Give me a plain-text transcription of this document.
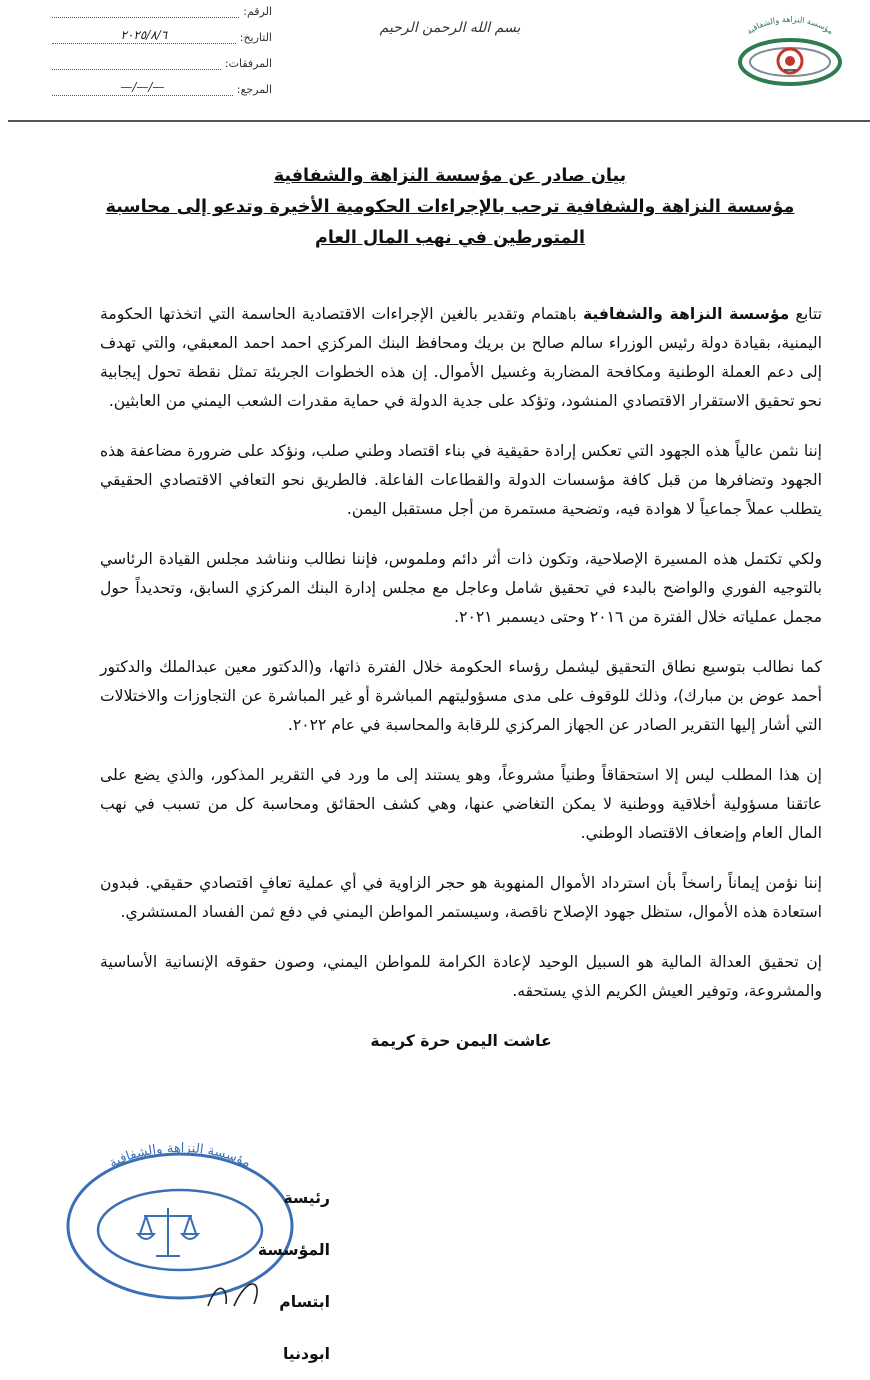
الرقم:
التاريخ:
٢٠٢٥/٨/٦
المرفقات:
المرجع:
—/—/—
بسم الله الرحمن الرحيم	مؤسسة النزاهة والشفافية

بيان صادر عن مؤسسة النزاهة والشفافية

مؤسسة النزاهة والشفافية ترحب بالإجراءات الحكومية الأخيرة وتدعو إلى محاسبة المتورطين في نهب المال العام

تتابع مؤسسة النزاهة والشفافية باهتمام وتقدير بالغين الإجراءات الاقتصادية الحاسمة التي اتخذتها الحكومة اليمنية، بقيادة دولة رئيس الوزراء سالم صالح بن بريك ومحافظ البنك المركزي احمد احمد المعبقي، والتي تهدف إلى دعم العملة الوطنية ومكافحة المضاربة وغسيل الأموال. إن هذه الخطوات الجريئة تمثل نقطة تحول إيجابية نحو تحقيق الاستقرار الاقتصادي المنشود، وتؤكد على جدية الدولة في حماية مقدرات الشعب اليمني من العابثين.

إننا نثمن عالياً هذه الجهود التي تعكس إرادة حقيقية في بناء اقتصاد وطني صلب، ونؤكد على ضرورة مضاعفة هذه الجهود وتضافرها من قبل كافة مؤسسات الدولة والقطاعات الفاعلة. فالطريق نحو التعافي الاقتصادي الحقيقي يتطلب عملاً جماعياً لا هوادة فيه، وتضحية مستمرة من أجل مستقبل اليمن.

ولكي تكتمل هذه المسيرة الإصلاحية، وتكون ذات أثر دائم وملموس، فإننا نطالب ونناشد مجلس القيادة الرئاسي بالتوجيه الفوري والواضح بالبدء في تحقيق شامل وعاجل مع مجلس إدارة البنك المركزي السابق، وتحديداً حول مجمل عملياته خلال الفترة من ٢٠١٦ وحتى ديسمبر ٢٠٢١.

كما نطالب بتوسيع نطاق التحقيق ليشمل رؤساء الحكومة خلال الفترة ذاتها، و(الدكتور معين عبدالملك والدكتور أحمد عوض بن مبارك)، وذلك للوقوف على مدى مسؤوليتهم المباشرة أو غير المباشرة عن التجاوزات والاختلالات التي أشار إليها التقرير الصادر عن الجهاز المركزي للرقابة والمحاسبة في عام ٢٠٢٢.

إن هذا المطلب ليس إلا استحقاقاً وطنياً مشروعاً، وهو يستند إلى ما ورد في التقرير المذكور، والذي يضع على عاتقنا مسؤولية أخلاقية ووطنية لا يمكن التغاضي عنها، وهي كشف الحقائق ومحاسبة كل من تسبب في نهب المال العام وإضعاف الاقتصاد الوطني.

إننا نؤمن إيماناً راسخاً بأن استرداد الأموال المنهوبة هو حجر الزاوية في أي عملية تعافٍ اقتصادي حقيقي. فبدون استعادة هذه الأموال، ستظل جهود الإصلاح ناقصة، وسيستمر المواطن اليمني في دفع ثمن الفساد المستشري.

إن تحقيق العدالة المالية هو السبيل الوحيد لإعادة الكرامة للمواطن اليمني، وصون حقوقه الإنسانية الأساسية والمشروعة، وتوفير العيش الكريم الذي يستحقه.

عاشت اليمن حرة كريمة
مؤسسة النزاهة والشفافية
رئيسة المؤسسة
ابتسام ابودنيا
